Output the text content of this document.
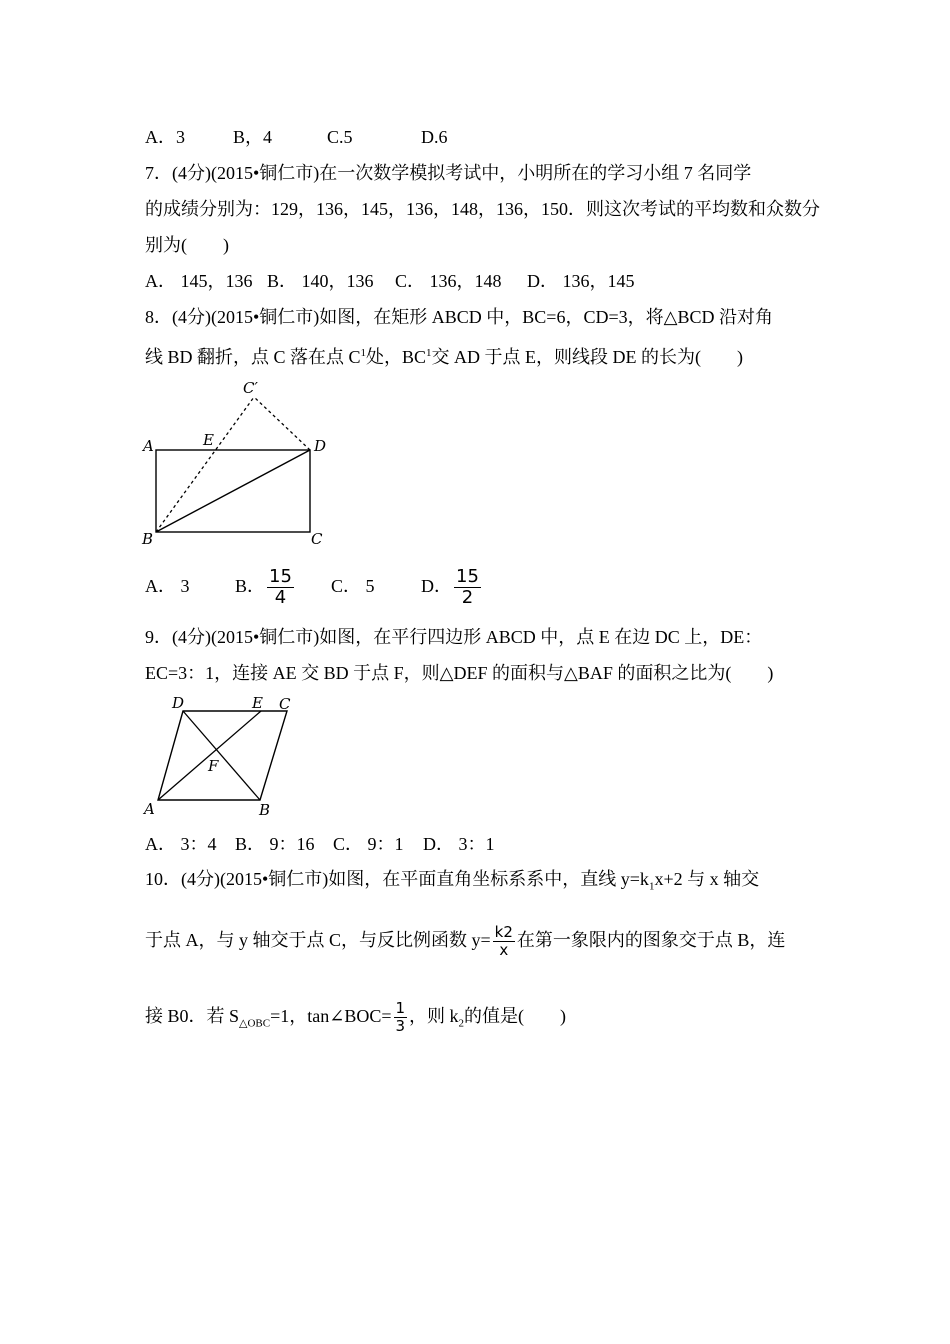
A．3	B，4	C.5	D.6
7．(4分)(2015•铜仁市)在一次数学模拟考试中，小明所在的学习小组 7 名同学
的成绩分别为：129，136，145，136，148，136，150．则这次考试的平均数和众数分
别为(　　)
A． 145，136 B． 140，136 C． 136，148 D． 136，145
8．(4分)(2015•铜仁市)如图，在矩形 ABCD 中，BC=6，CD=3，将△BCD 沿对角
线 BD 翻折，点 C 落在点 $C^1$处，$BC^1$交 AD 于点 E，则线段 DE 的长为(　　)
C′
A	E	D
B	C
A． 3	B． $\frac{15}{4}$ C． 5	D． $\frac{15}{2}$
9．(4分)(2015•铜仁市)如图，在平行四边形 ABCD 中，点 E 在边 DC 上，DE：
EC=3：1，连接 AE 交 BD 于点 F，则△DEF 的面积与△BAF 的面积之比为(　　)
D	E C
F
A	B
A． 3：4 B． 9：16 C． 9：1 D． 3：1
10．(4分)(2015•铜仁市)如图，在平面直角坐标系系中，直线 $y=k_1x+2$ 与 x 轴交
于点 A，与 y 轴交于点 C，与反比例函数 $y= \frac{k2}{x}$ 在第一象限内的图象交于点 B，连
接 B0．若 $S_{\triangle OBC}=1$，tan∠BOC= $\frac{1}{3}$ ，则 $k_2$的值是(　　)
